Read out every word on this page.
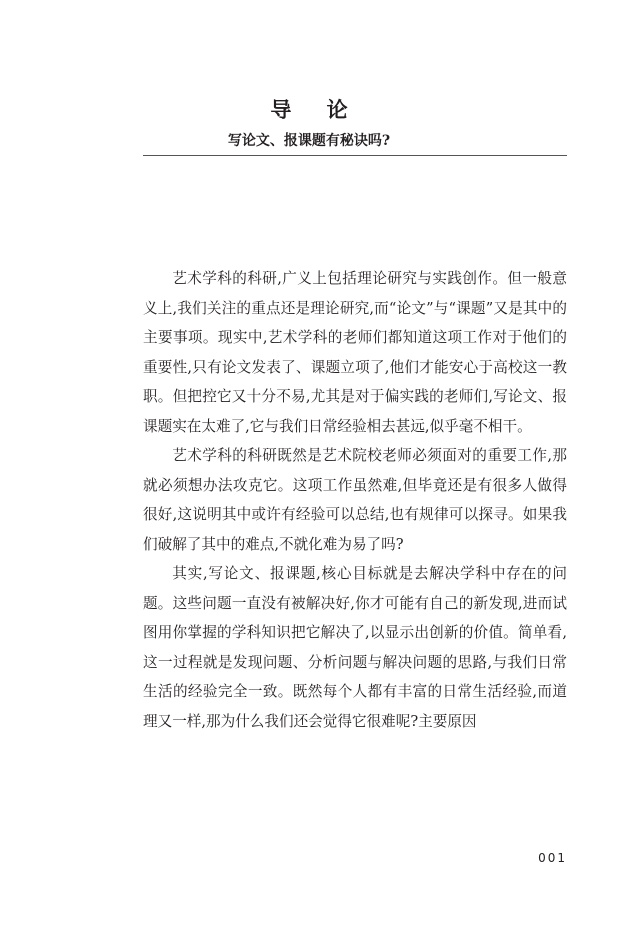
导 论
写论文、报课题有秘诀吗?

艺术学科的科研,广义上包括理论研究与实践创作。但一般意义上,我们关注的重点还是理论研究,而“论文”与“课题”又是其中的主要事项。现实中,艺术学科的老师们都知道这项工作对于他们的重要性,只有论文发表了、课题立项了,他们才能安心于高校这一教职。但把控它又十分不易,尤其是对于偏实践的老师们,写论文、报课题实在太难了,它与我们日常经验相去甚远,似乎毫不相干。

艺术学科的科研既然是艺术院校老师必须面对的重要工作,那就必须想办法攻克它。这项工作虽然难,但毕竟还是有很多人做得很好,这说明其中或许有经验可以总结,也有规律可以探寻。如果我们破解了其中的难点,不就化难为易了吗?

其实,写论文、报课题,核心目标就是去解决学科中存在的问题。这些问题一直没有被解决好,你才可能有自己的新发现,进而试图用你掌握的学科知识把它解决了,以显示出创新的价值。简单看,这一过程就是发现问题、分析问题与解决问题的思路,与我们日常生活的经验完全一致。既然每个人都有丰富的日常生活经验,而道理又一样,那为什么我们还会觉得它很难呢?主要原因

001
